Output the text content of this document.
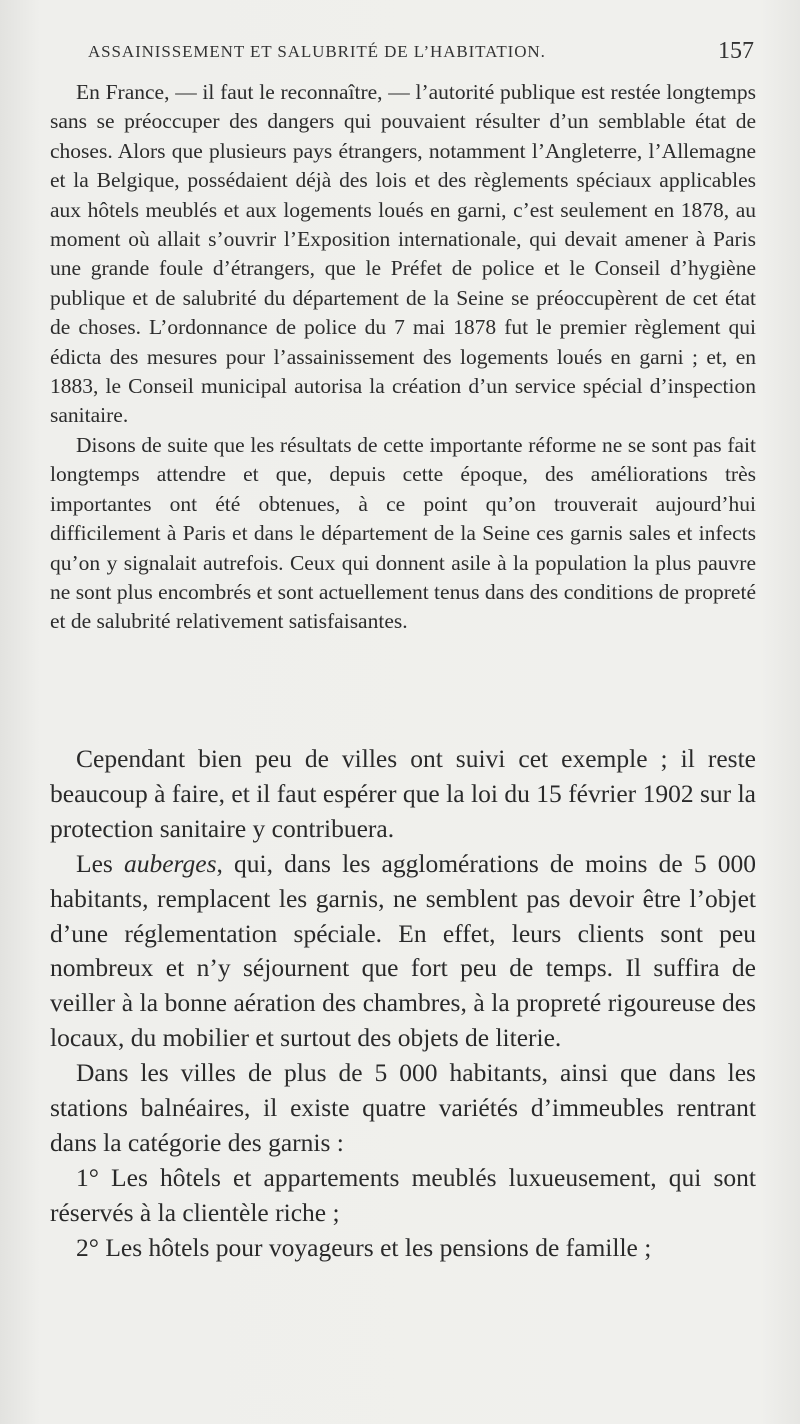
ASSAINISSEMENT ET SALUBRITÉ DE L’HABITATION.	157

En France, — il faut le reconnaître, — l’autorité publique est restée longtemps sans se préoccuper des dangers qui pouvaient résulter d’un semblable état de choses. Alors que plusieurs pays étrangers, notamment l’Angleterre, l’Allemagne et la Belgique, possédaient déjà des lois et des règlements spéciaux applicables aux hôtels meublés et aux logements loués en garni, c’est seulement en 1878, au moment où allait s’ouvrir l’Exposition internationale, qui devait amener à Paris une grande foule d’étrangers, que le Préfet de police et le Conseil d’hygiène publique et de salubrité du département de la Seine se préoccupèrent de cet état de choses. L’ordonnance de police du 7 mai 1878 fut le premier règlement qui édicta des mesures pour l’assainissement des logements loués en garni ; et, en 1883, le Conseil municipal autorisa la création d’un service spécial d’inspection sanitaire.

Disons de suite que les résultats de cette importante réforme ne se sont pas fait longtemps attendre et que, depuis cette époque, des améliorations très importantes ont été obtenues, à ce point qu’on trouverait aujourd’hui difficilement à Paris et dans le département de la Seine ces garnis sales et infects qu’on y signalait autrefois. Ceux qui donnent asile à la population la plus pauvre ne sont plus encombrés et sont actuellement tenus dans des conditions de propreté et de salubrité relativement satisfaisantes.

Cependant bien peu de villes ont suivi cet exemple ; il reste beaucoup à faire, et il faut espérer que la loi du 15 février 1902 sur la protection sanitaire y contribuera.

Les auberges, qui, dans les agglomérations de moins de 5 000 habitants, remplacent les garnis, ne semblent pas devoir être l’objet d’une réglementation spéciale. En effet, leurs clients sont peu nombreux et n’y séjournent que fort peu de temps. Il suffira de veiller à la bonne aération des chambres, à la propreté rigoureuse des locaux, du mobilier et surtout des objets de literie.

Dans les villes de plus de 5 000 habitants, ainsi que dans les stations balnéaires, il existe quatre variétés d’immeubles rentrant dans la catégorie des garnis :

1° Les hôtels et appartements meublés luxueusement, qui sont réservés à la clientèle riche ;

2° Les hôtels pour voyageurs et les pensions de famille ;
